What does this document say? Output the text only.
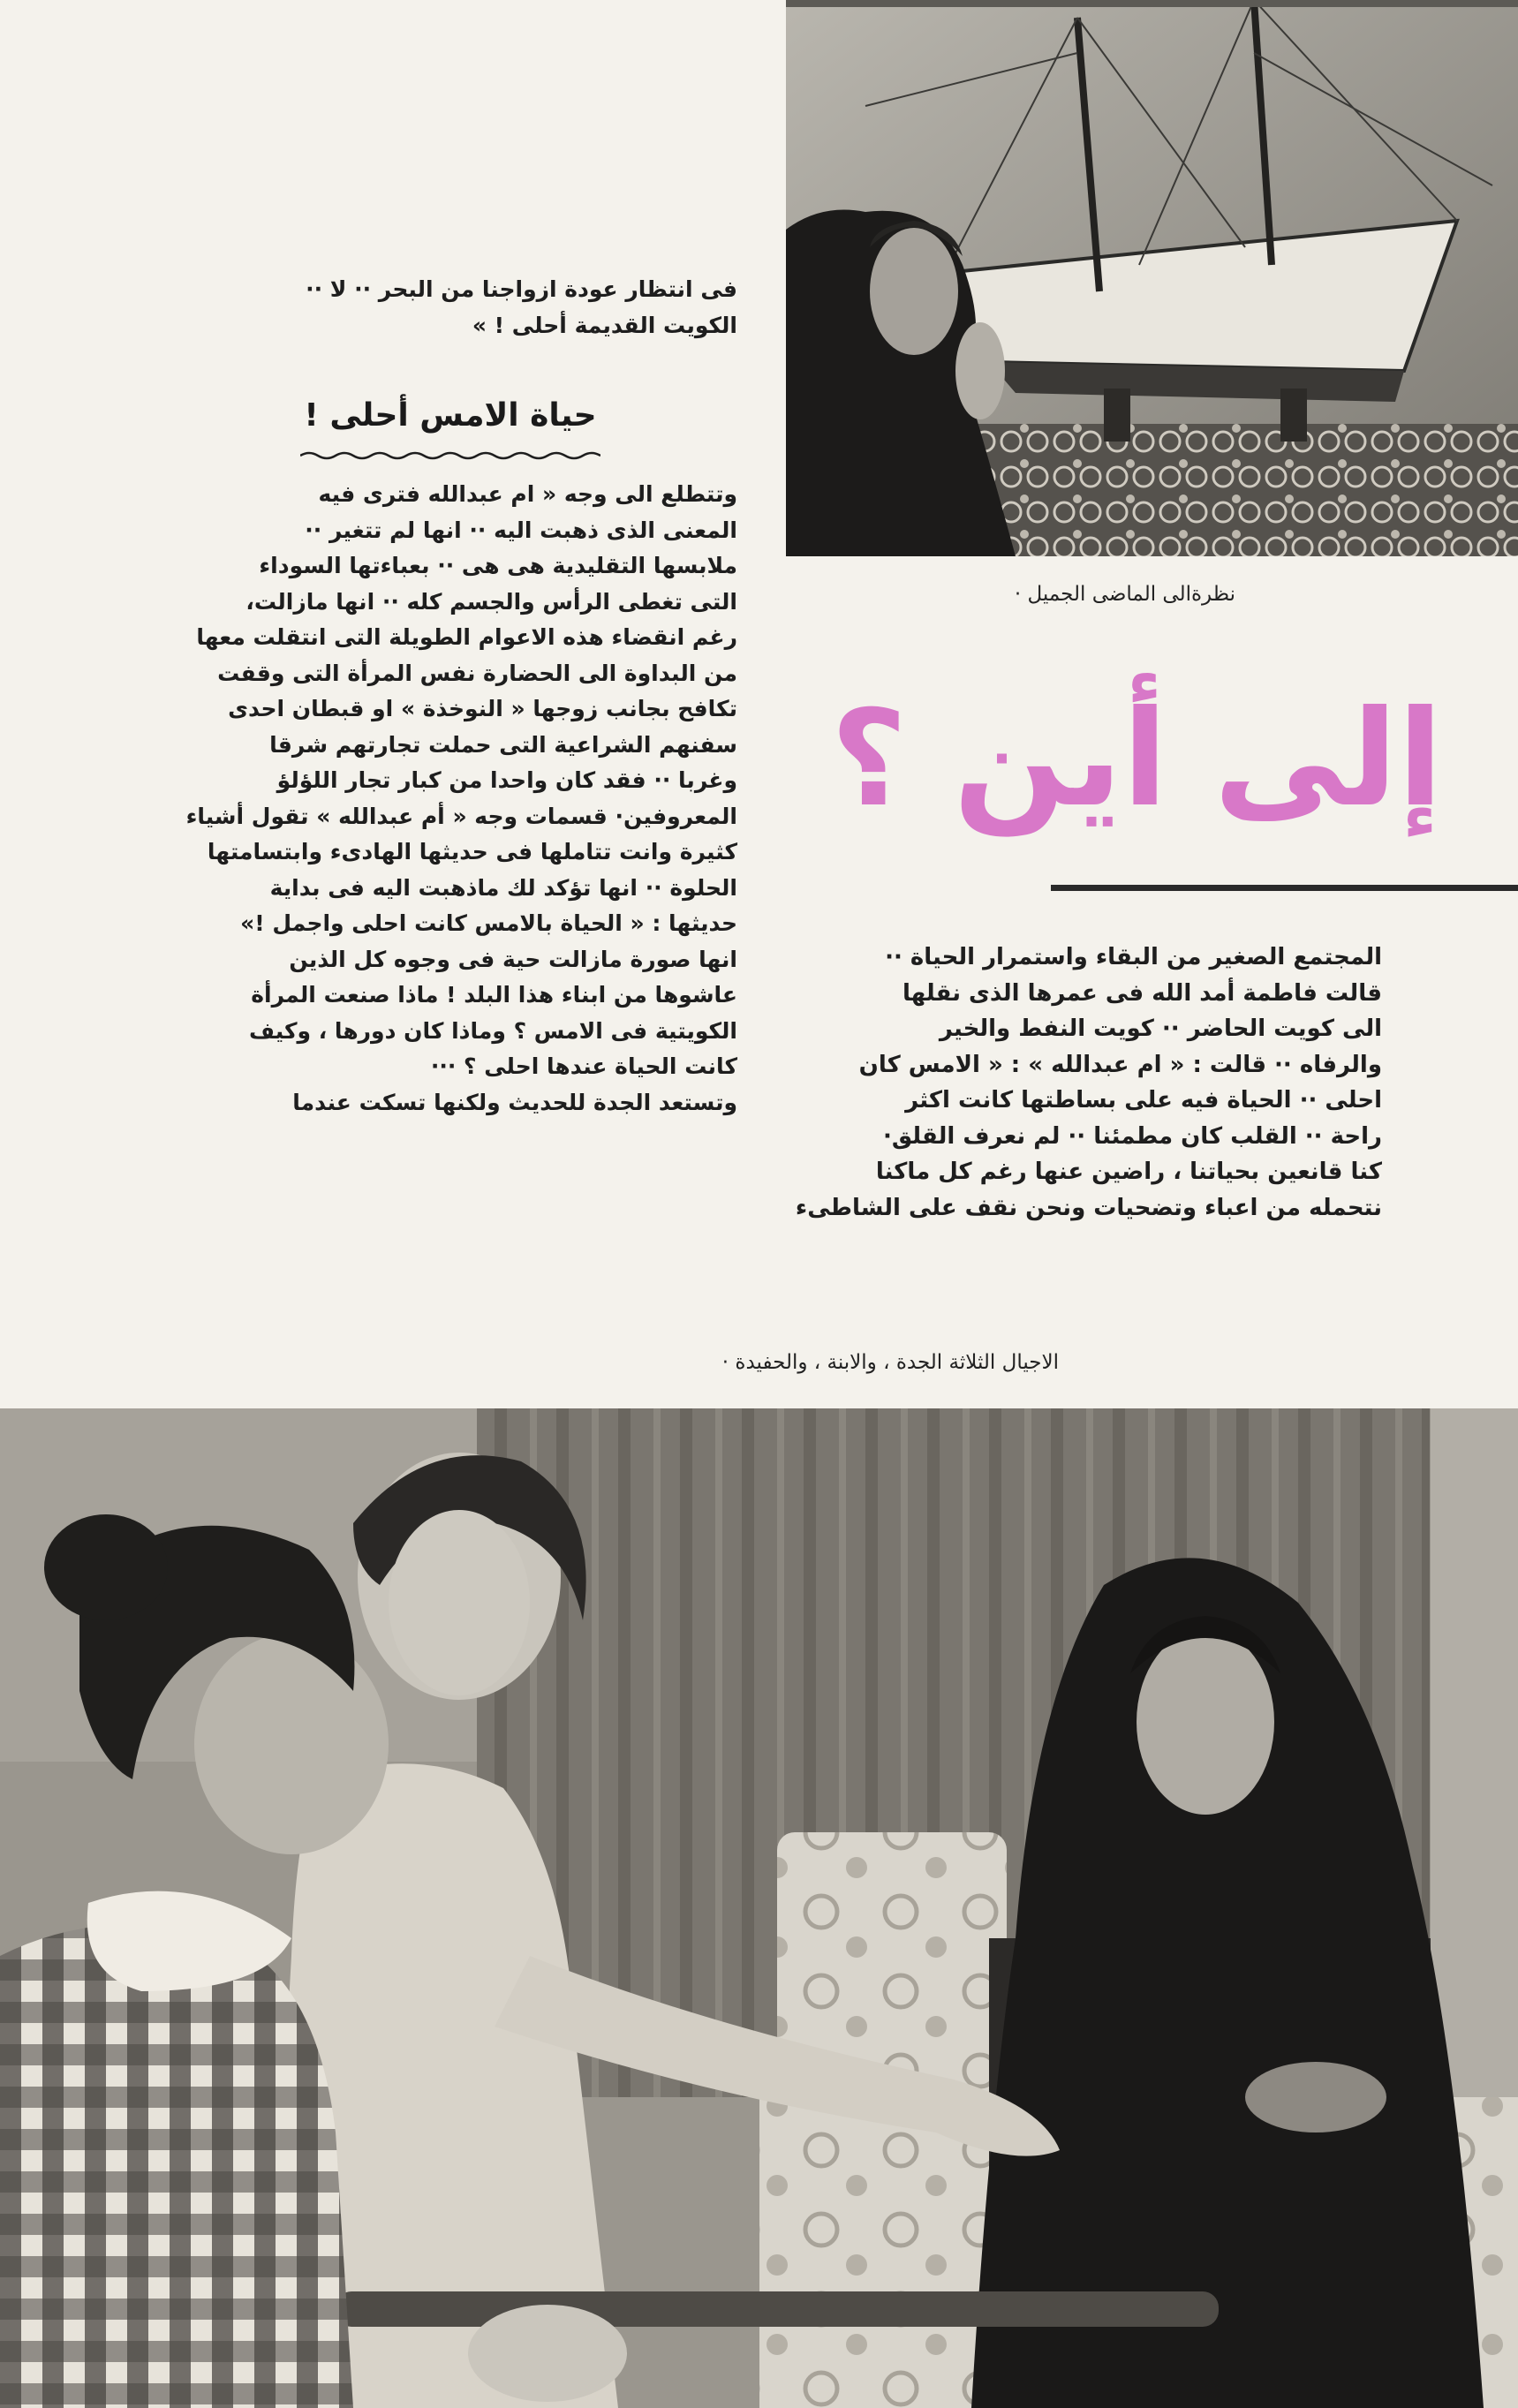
نظرةالى الماضى الجميل ·
إلى أين ؟

فى انتظار عودة ازواجنا من البحر ·· لا ··

الكويت القديمة أحلى ! »

حياة الامس أحلى !

وتتطلع الى وجه « ام عبدالله فترى فيه

المعنى الذى ذهبت اليه ·· انها لم تتغير ··

ملابسها التقليدية هى هى ·· بعباءتها السوداء

التى تغطى الرأس والجسم كله ·· انها مازالت،

رغم انقضاء هذه الاعوام الطويلة التى انتقلت معها

من البداوة الى الحضارة نفس المرأة التى وقفت

تكافح بجانب زوجها « النوخذة » او قبطان احدى

سفنهم الشراعية التى حملت تجارتهم شرقا

وغربا ·· فقد كان واحدا من كبار تجار اللؤلؤ

المعروفين· قسمات وجه « أم عبدالله » تقول أشياء

كثيرة وانت تتاملها فى حديثها الهادىء وابتسامتها

الحلوة ·· انها تؤكد لك ماذهبت اليه فى بداية

حديثها : « الحياة بالامس كانت احلى واجمل !»

انها صورة مازالت حية فى وجوه كل الذين

عاشوها من ابناء هذا البلد ! ماذا صنعت المرأة

الكويتية فى الامس ؟ وماذا كان دورها ، وكيف

كانت الحياة عندها احلى ؟ ···

وتستعد الجدة للحديث ولكنها تسكت عندما

المجتمع الصغير من البقاء واستمرار الحياة ··

قالت فاطمة أمد الله فى عمرها الذى نقلها

الى كويت الحاضر ·· كويت النفط والخير

والرفاه ·· قالت : « ام عبدالله » : « الامس كان

احلى ·· الحياة فيه على بساطتها كانت اكثر

راحة ·· القلب كان مطمئنا ·· لم نعرف القلق·

كنا قانعين بحياتنا ، راضين عنها رغم كل ماكنا

نتحمله من اعباء وتضحيات ونحن نقف على الشاطىء

الاجيال الثلاثة الجدة ، والابنة ، والحفيدة ·
